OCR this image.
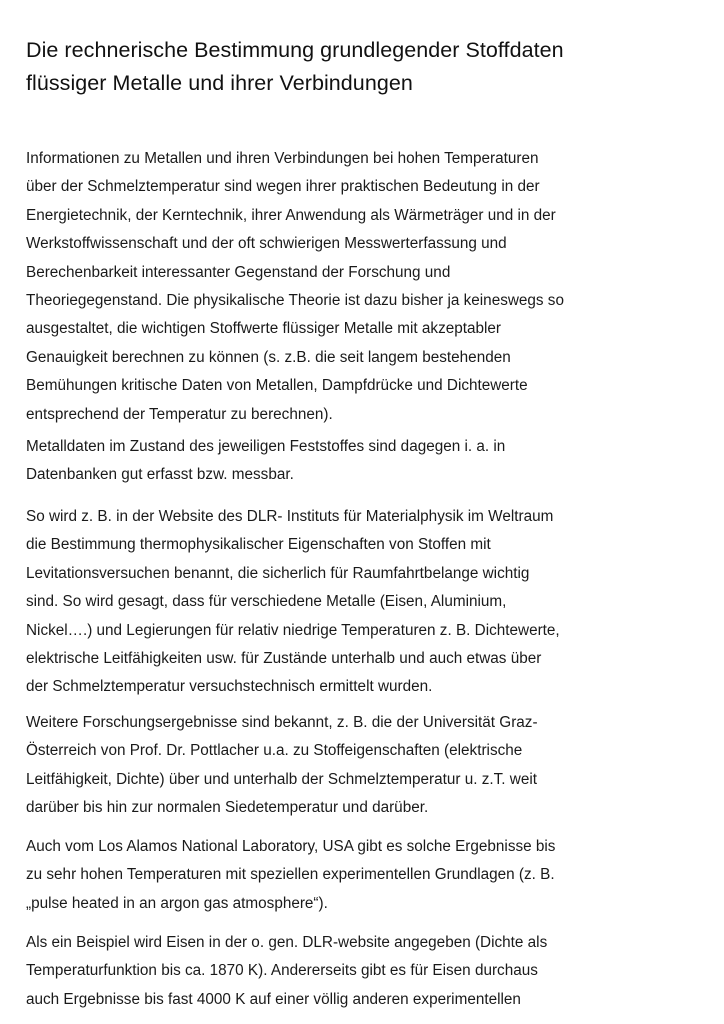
Die rechnerische Bestimmung grundlegender Stoffdaten
flüssiger Metalle und ihrer Verbindungen

Informationen zu Metallen und ihren Verbindungen bei hohen Temperaturen
über der Schmelztemperatur sind wegen ihrer praktischen Bedeutung in der
Energietechnik, der Kerntechnik, ihrer Anwendung als Wärmeträger und in der
Werkstoffwissenschaft und der oft schwierigen Messwerterfassung und
Berechenbarkeit interessanter Gegenstand der Forschung und
Theoriegegenstand. Die physikalische Theorie ist dazu bisher ja keineswegs so
ausgestaltet, die wichtigen Stoffwerte flüssiger Metalle mit akzeptabler
Genauigkeit berechnen zu können (s. z.B. die seit langem bestehenden
Bemühungen kritische Daten von Metallen, Dampfdrücke und Dichtewerte
entsprechend der Temperatur zu berechnen).

Metalldaten im Zustand des jeweiligen Feststoffes sind dagegen i. a. in
Datenbanken gut erfasst bzw. messbar.

So wird z. B. in der Website des DLR- Instituts für Materialphysik im Weltraum
die Bestimmung thermophysikalischer Eigenschaften von Stoffen mit
Levitationsversuchen benannt, die sicherlich für Raumfahrtbelange wichtig
sind. So wird gesagt, dass für verschiedene Metalle (Eisen, Aluminium,
Nickel….) und Legierungen für relativ niedrige Temperaturen z. B. Dichtewerte,
elektrische Leitfähigkeiten usw. für Zustände unterhalb und auch etwas über
der Schmelztemperatur versuchstechnisch ermittelt wurden.

Weitere Forschungsergebnisse sind bekannt, z. B. die der Universität Graz-
Österreich von Prof. Dr. Pottlacher u.a. zu Stoffeigenschaften (elektrische
Leitfähigkeit, Dichte) über und unterhalb der Schmelztemperatur u. z.T. weit
darüber bis hin zur normalen Siedetemperatur und darüber.

Auch vom Los Alamos National Laboratory, USA gibt es solche Ergebnisse bis
zu sehr hohen Temperaturen mit speziellen experimentellen Grundlagen (z. B.
„pulse heated in an argon gas atmosphere“).

Als ein Beispiel wird Eisen in der o. gen. DLR-website angegeben (Dichte als
Temperaturfunktion bis ca. 1870 K). Andererseits gibt es für Eisen durchaus
auch Ergebnisse bis fast 4000 K auf einer völlig anderen experimentellen
